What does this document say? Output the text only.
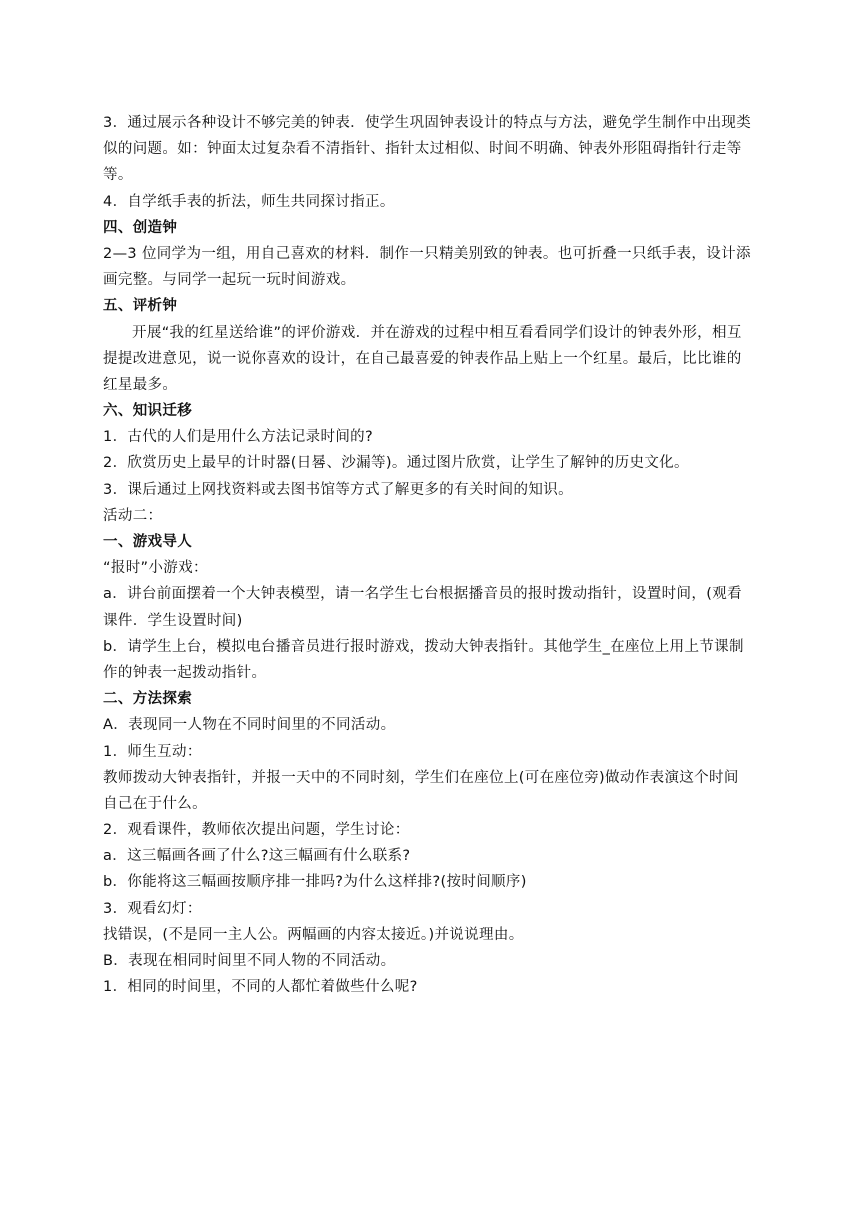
3．通过展示各种设计不够完美的钟表．使学生巩固钟表设计的特点与方法，避免学生制作中出现类
似的问题。如：钟面太过复杂看不清指针、指针太过相似、时间不明确、钟表外形阻碍指针行走等
等。
4．自学纸手表的折法，师生共同探讨指正。
四、创造钟
2—3 位同学为一组，用自己喜欢的材料．制作一只精美别致的钟表。也可折叠一只纸手表，设计添
画完整。与同学一起玩一玩时间游戏。
五、评析钟
开展“我的红星送给谁”的评价游戏．并在游戏的过程中相互看看同学们设计的钟表外形，相互
提提改进意见，说一说你喜欢的设计，在自己最喜爱的钟表作品上贴上一个红星。最后，比比谁的
红星最多。
六、知识迁移
1．古代的人们是用什么方法记录时间的?
2．欣赏历史上最早的计时器(日晷、沙漏等)。通过图片欣赏，让学生了解钟的历史文化。
3．课后通过上网找资料或去图书馆等方式了解更多的有关时间的知识。
活动二：
一、游戏导人
“报时”小游戏：
a．讲台前面摆着一个大钟表模型，请一名学生七台根据播音员的报时拨动指针，设置时间，(观看
课件．学生设置时间)
b．请学生上台，模拟电台播音员进行报时游戏，拨动大钟表指针。其他学生_在座位上用上节课制
作的钟表一起拨动指针。
二、方法探索
A．表现同一人物在不同时间里的不同活动。
1．师生互动：
教师拨动大钟表指针，并报一天中的不同时刻，学生们在座位上(可在座位旁)做动作表演这个时间
自己在于什么。
2．观看课件，教师依次提出问题，学生讨论：
a．这三幅画各画了什么?这三幅画有什么联系?
b．你能将这三幅画按顺序排一排吗?为什么这样排?(按时间顺序)
3．观看幻灯：
找错误，(不是同一主人公。两幅画的内容太接近。)并说说理由。
B．表现在相同时间里不同人物的不同活动。
1．相同的时间里，不同的人都忙着做些什么呢?
